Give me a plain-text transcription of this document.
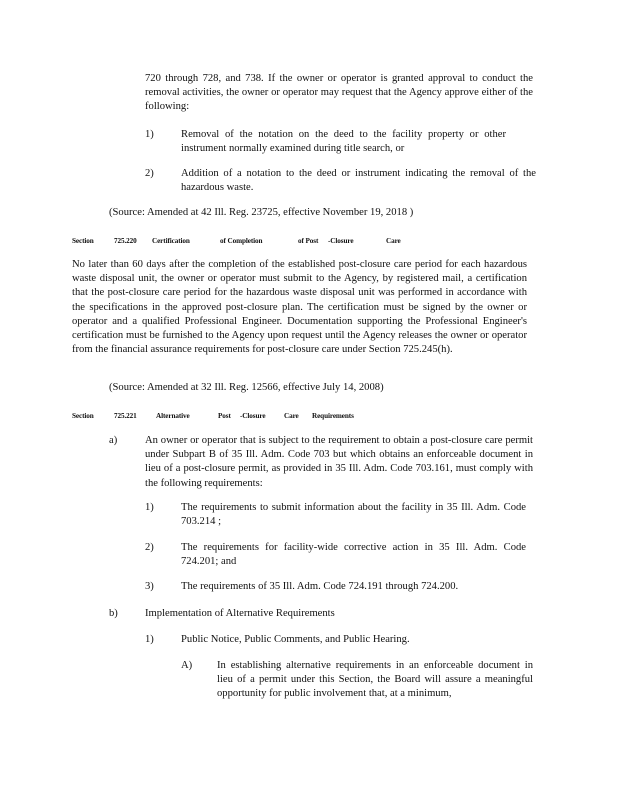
720 through 728, and 738. If the owner or operator is granted approval to conduct the removal activities, the owner or operator may request that the Agency approve either of the following:

1)	Removal of the notation on the deed to the facility property or other instrument normally examined during title search, or

2)	Addition of a notation to the deed or instrument indicating the removal of the hazardous waste.

(Source: Amended at 42 Ill. Reg. 23725, effective November 19, 2018 )

Section	725.220 Certification	of Completion	of Post -Closure	Care

No later than 60 days after the completion of the established post-closure care period for each hazardous waste disposal unit, the owner or operator must submit to the Agency, by registered mail, a certification that the post-closure care period for the hazardous waste disposal unit was performed in accordance with the specifications in the approved post-closure plan. The certification must be signed by the owner or operator and a qualified Professional Engineer. Documentation supporting the Professional Engineer's certification must be furnished to the Agency upon request until the Agency releases the owner or operator from the financial assurance requirements for post-closure care under Section 725.245(h).

(Source: Amended at 32 Ill. Reg. 12566, effective July 14, 2008)

Section	725.221	Alternative	Post -Closure	Care Requirements

a)	An owner or operator that is subject to the requirement to obtain a post-closure care permit under Subpart B of 35 Ill. Adm. Code 703 but which obtains an enforceable document in lieu of a post-closure permit, as provided in 35 Ill. Adm. Code 703.161, must comply with the following requirements:

1)	The requirements to submit information about the facility in 35 Ill. Adm. Code 703.214 ;

2)	The requirements for facility-wide corrective action in 35 Ill. Adm. Code 724.201; and

3)	The requirements of 35 Ill. Adm. Code 724.191 through 724.200.

b)	Implementation of Alternative Requirements

1)	Public Notice, Public Comments, and Public Hearing.

A) In establishing alternative requirements in an enforceable document in lieu of a permit under this Section, the Board will assure a meaningful opportunity for public involvement that, at a minimum,
